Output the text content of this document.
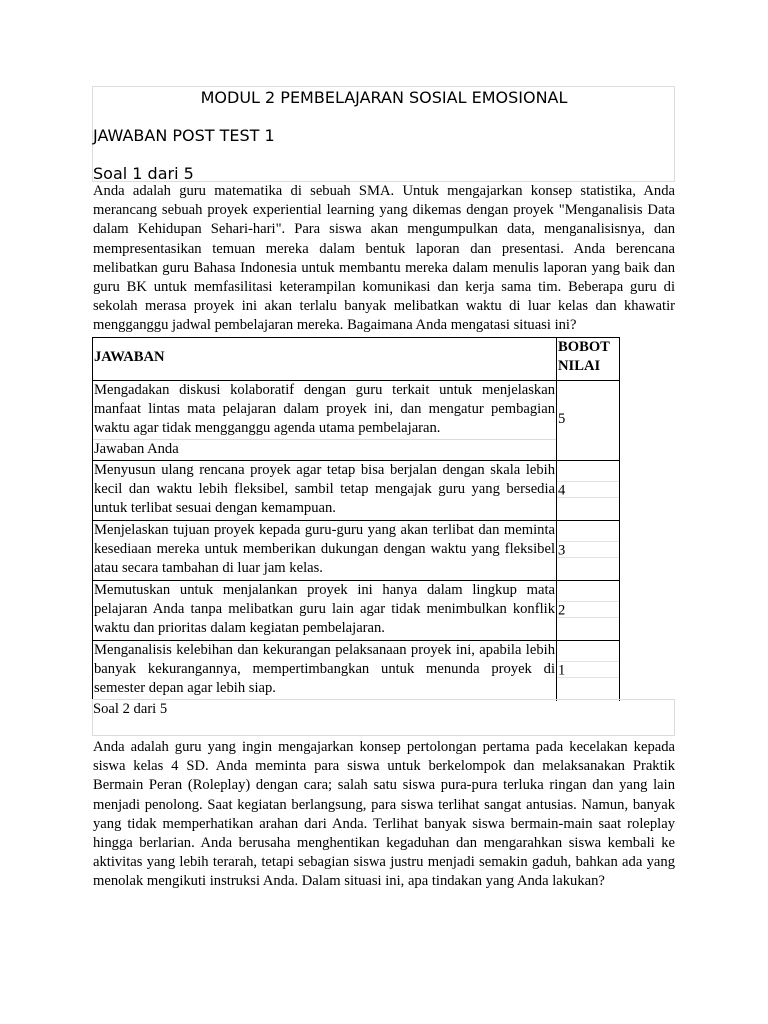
MODUL 2 PEMBELAJARAN SOSIAL EMOSIONAL
JAWABAN POST TEST 1
Soal 1 dari 5

Anda adalah guru matematika di sebuah SMA. Untuk mengajarkan konsep statistika, Anda merancang sebuah proyek experiential learning yang dikemas dengan proyek "Menganalisis Data dalam Kehidupan Sehari-hari". Para siswa akan mengumpulkan data, menganalisisnya, dan mempresentasikan temuan mereka dalam bentuk laporan dan presentasi. Anda berencana melibatkan guru Bahasa Indonesia untuk membantu mereka dalam menulis laporan yang baik dan guru BK untuk memfasilitasi keterampilan komunikasi dan kerja sama tim. Beberapa guru di sekolah merasa proyek ini akan terlalu banyak melibatkan waktu di luar kelas dan khawatir mengganggu jadwal pembelajaran mereka. Bagaimana Anda mengatasi situasi ini?

JAWABAN
BOBOT NILAI
Mengadakan diskusi kolaboratif dengan guru terkait untuk menjelaskan manfaat lintas mata pelajaran dalam proyek ini, dan mengatur pembagian waktu agar tidak mengganggu agenda utama pembelajaran.
Jawaban Anda
5
Menyusun ulang rencana proyek agar tetap bisa berjalan dengan skala lebih kecil dan waktu lebih fleksibel, sambil tetap mengajak guru yang bersedia untuk terlibat sesuai dengan kemampuan.
4
Menjelaskan tujuan proyek kepada guru-guru yang akan terlibat dan meminta kesediaan mereka untuk memberikan dukungan dengan waktu yang fleksibel atau secara tambahan di luar jam kelas.
3
Memutuskan untuk menjalankan proyek ini hanya dalam lingkup mata pelajaran Anda tanpa melibatkan guru lain agar tidak menimbulkan konflik waktu dan prioritas dalam kegiatan pembelajaran.
2
Menganalisis kelebihan dan kekurangan pelaksanaan proyek ini, apabila lebih banyak kekurangannya, mempertimbangkan untuk menunda proyek di semester depan agar lebih siap.
1
Soal 2 dari 5

Anda adalah guru yang ingin mengajarkan konsep pertolongan pertama pada kecelakan kepada siswa kelas 4 SD. Anda meminta para siswa untuk berkelompok dan melaksanakan Praktik Bermain Peran (Roleplay) dengan cara; salah satu siswa pura-pura terluka ringan dan yang lain menjadi penolong. Saat kegiatan berlangsung, para siswa terlihat sangat antusias. Namun, banyak yang tidak memperhatikan arahan dari Anda. Terlihat banyak siswa bermain-main saat roleplay hingga berlarian. Anda berusaha menghentikan kegaduhan dan mengarahkan siswa kembali ke aktivitas yang lebih terarah, tetapi sebagian siswa justru menjadi semakin gaduh, bahkan ada yang menolak mengikuti instruksi Anda. Dalam situasi ini, apa tindakan yang Anda lakukan?
